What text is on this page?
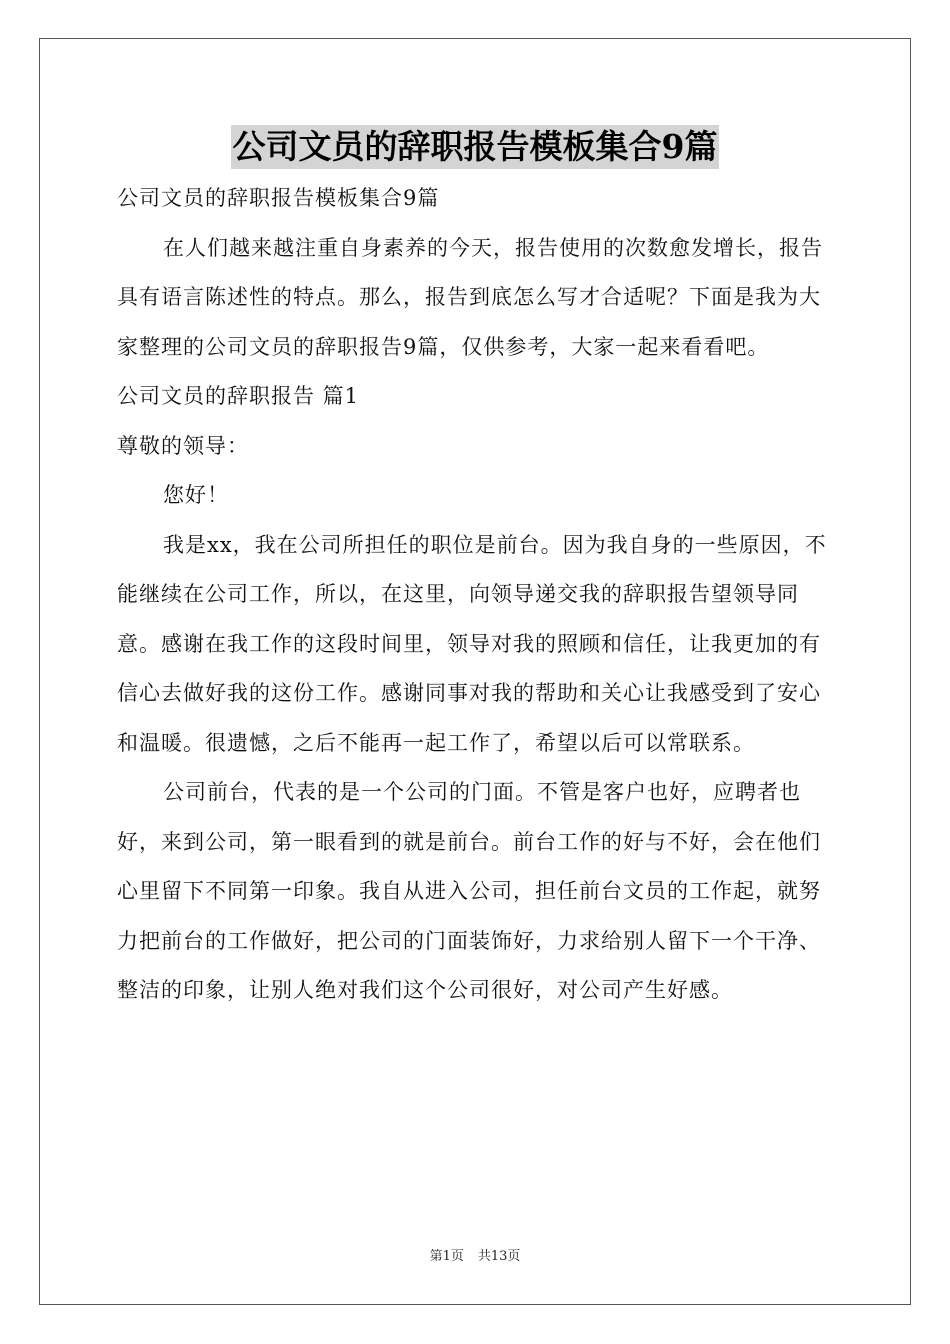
公司文员的辞职报告模板集合9篇

公司文员的辞职报告模板集合9篇

在人们越来越注重自身素养的今天，报告使用的次数愈发增长，报告具有语言陈述性的特点。那么，报告到底怎么写才合适呢？下面是我为大家整理的公司文员的辞职报告9篇，仅供参考，大家一起来看看吧。

公司文员的辞职报告 篇1

尊敬的领导：

您好！

我是xx，我在公司所担任的职位是前台。因为我自身的一些原因，不能继续在公司工作，所以，在这里，向领导递交我的辞职报告望领导同意。感谢在我工作的这段时间里，领导对我的照顾和信任，让我更加的有信心去做好我的这份工作。感谢同事对我的帮助和关心让我感受到了安心和温暖。很遗憾，之后不能再一起工作了，希望以后可以常联系。

公司前台，代表的是一个公司的门面。不管是客户也好，应聘者也好，来到公司，第一眼看到的就是前台。前台工作的好与不好，会在他们心里留下不同第一印象。我自从进入公司，担任前台文员的工作起，就努力把前台的工作做好，把公司的门面装饰好，力求给别人留下一个干净、整洁的印象，让别人绝对我们这个公司很好，对公司产生好感。

第1页 共13页
